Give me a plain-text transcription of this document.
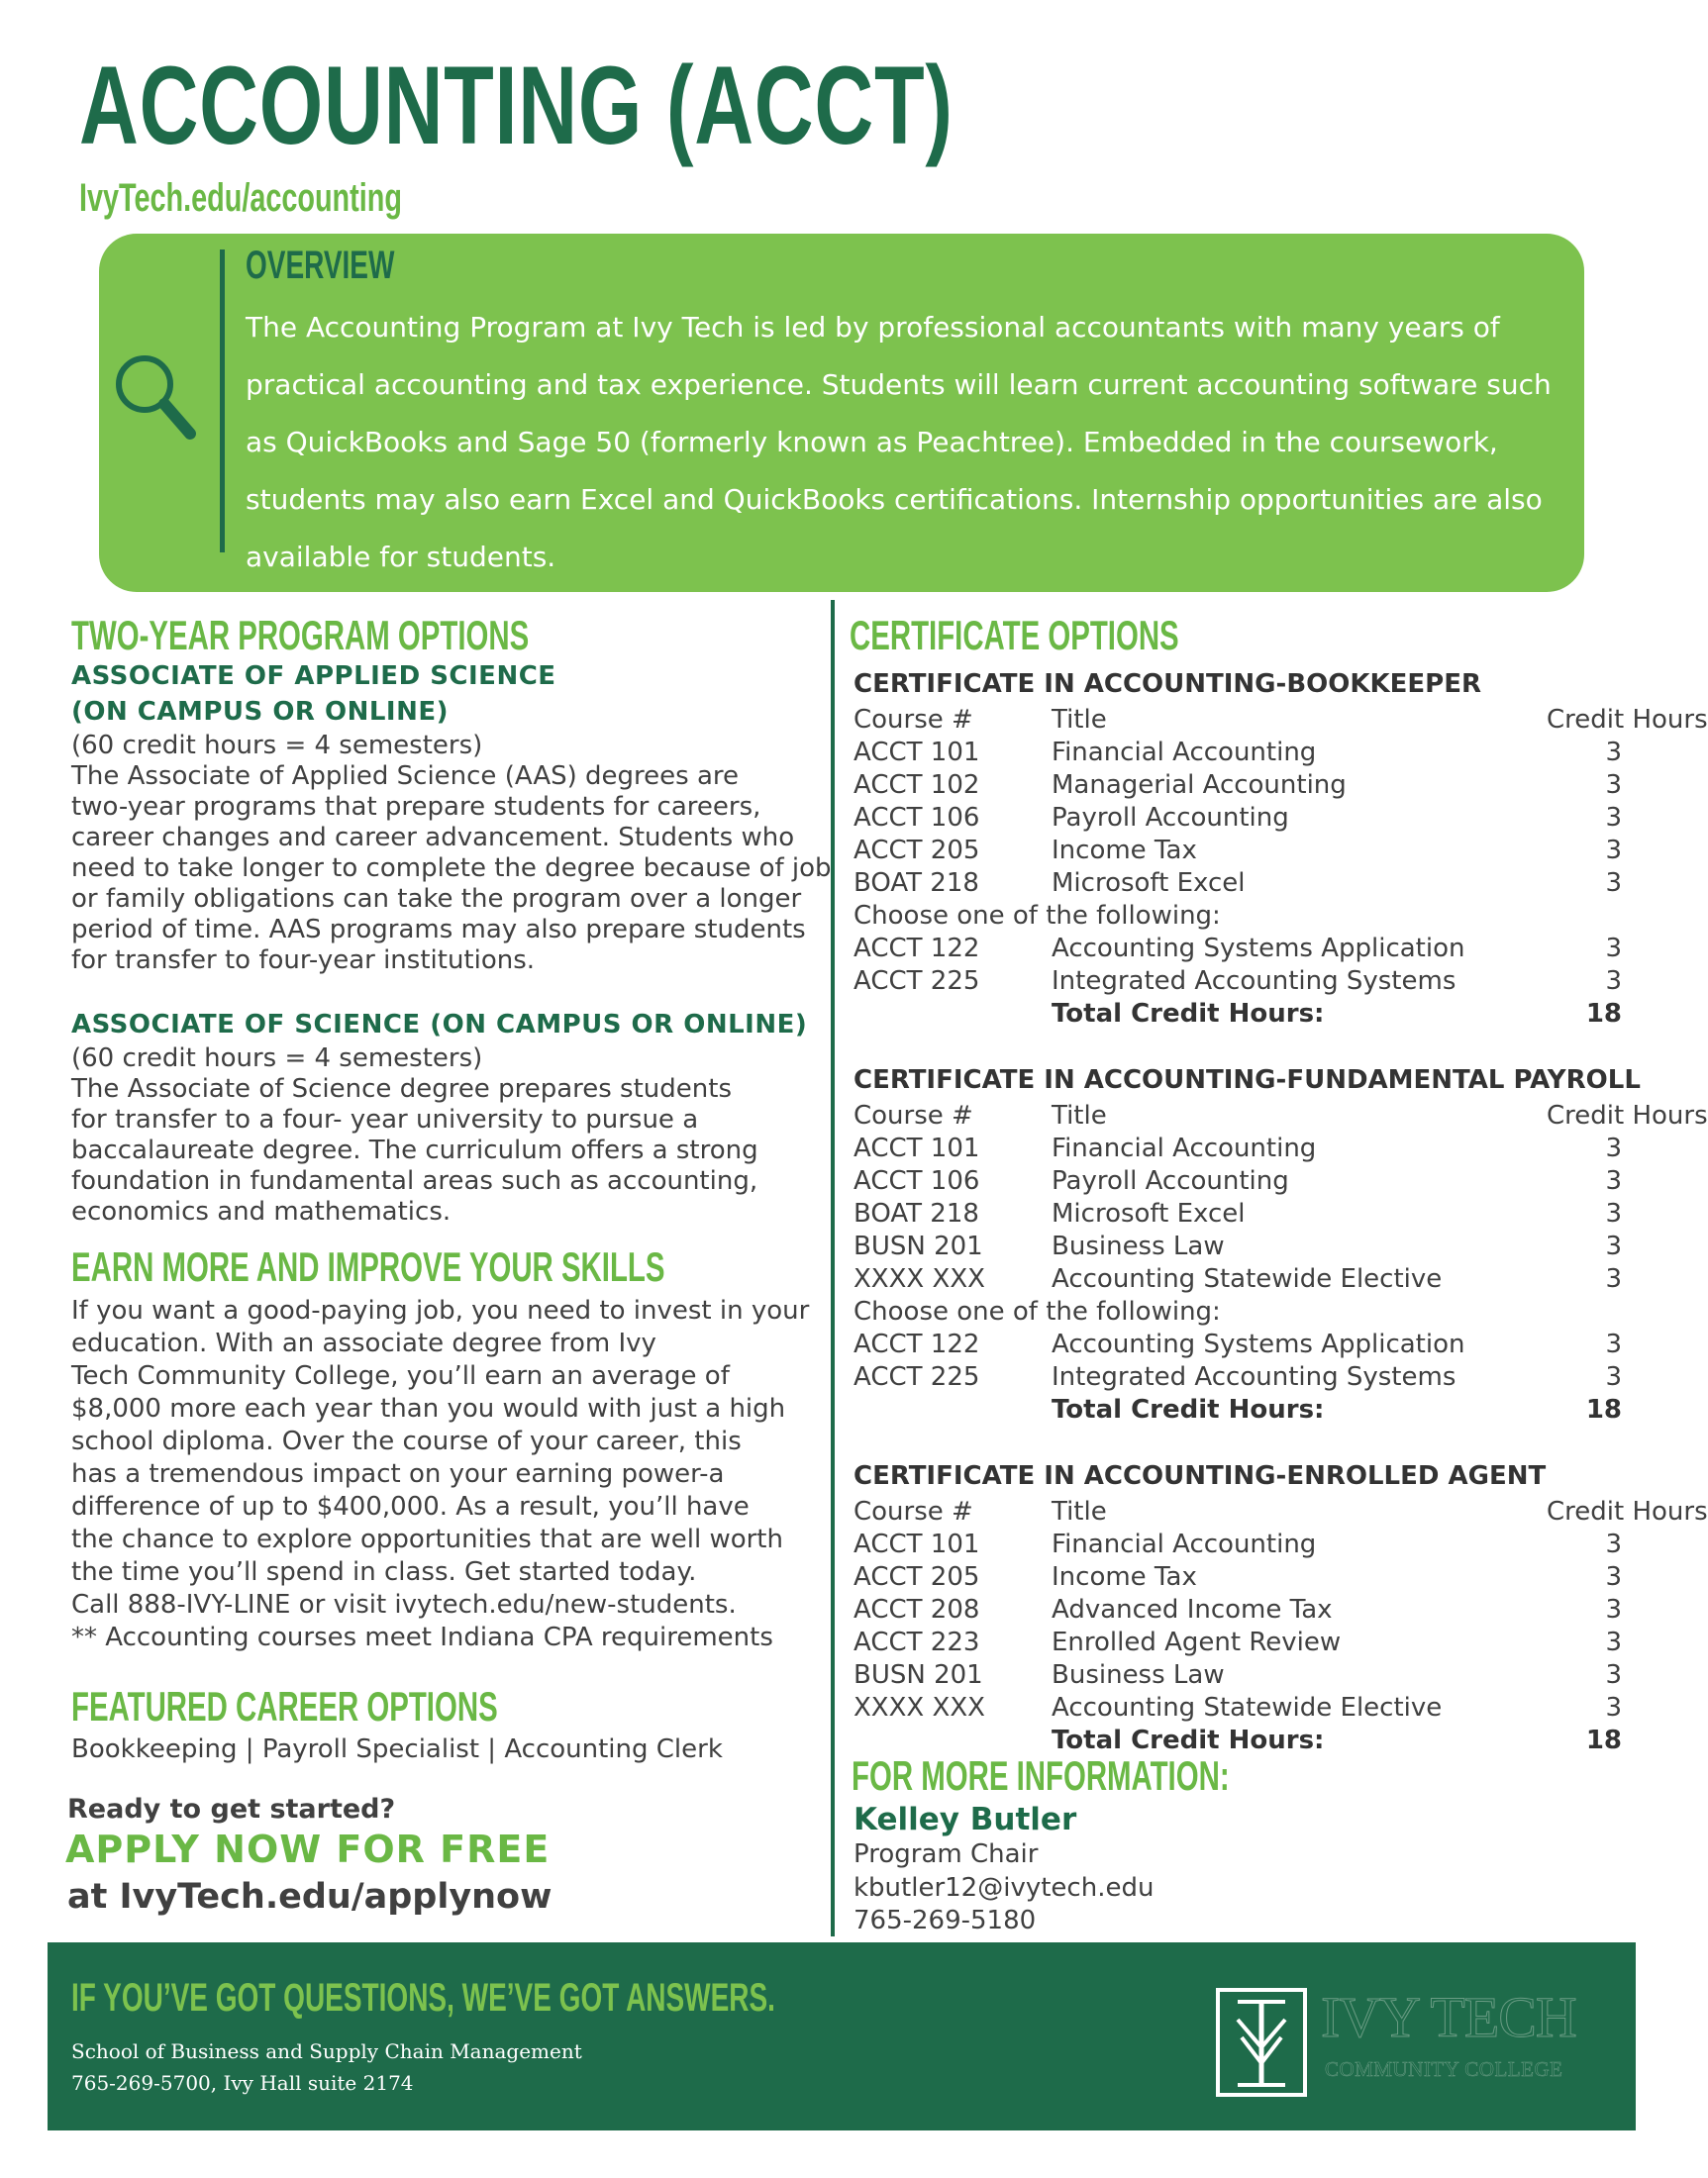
ACCOUNTING (ACCT)
IvyTech.edu/accounting
OVERVIEW
The Accounting Program at Ivy Tech is led by professional accountants with many years of practical accounting and tax experience. Students will learn current accounting software such as QuickBooks and Sage 50 (formerly known as Peachtree). Embedded in the coursework, students may also earn Excel and QuickBooks certifications. Internship opportunities are also available for students.
TWO-YEAR PROGRAM OPTIONS
ASSOCIATE OF APPLIED SCIENCE
(ON CAMPUS OR ONLINE)
(60 credit hours = 4 semesters)
The Associate of Applied Science (AAS) degrees are
two-year programs that prepare students for careers,
career changes and career advancement. Students who
need to take longer to complete the degree because of job
or family obligations can take the program over a longer
period of time. AAS programs may also prepare students
for transfer to four-year institutions.
ASSOCIATE OF SCIENCE (ON CAMPUS OR ONLINE)
(60 credit hours = 4 semesters)
The Associate of Science degree prepares students
for transfer to a four- year university to pursue a
baccalaureate degree. The curriculum offers a strong
foundation in fundamental areas such as accounting,
economics and mathematics.
EARN MORE AND IMPROVE YOUR SKILLS
If you want a good-paying job, you need to invest in your
education. With an associate degree from Ivy
Tech Community College, you’ll earn an average of
$8,000 more each year than you would with just a high
school diploma. Over the course of your career, this
has a tremendous impact on your earning power-a
difference of up to $400,000. As a result, you’ll have
the chance to explore opportunities that are well worth
the time you’ll spend in class. Get started today.
Call 888-IVY-LINE or visit ivytech.edu/new-students.
** Accounting courses meet Indiana CPA requirements
FEATURED CAREER OPTIONS
Bookkeeping | Payroll Specialist | Accounting Clerk
Ready to get started?
APPLY NOW FOR FREE
at IvyTech.edu/applynow
CERTIFICATE OPTIONS
CERTIFICATE IN ACCOUNTING-BOOKKEEPER
Course #	Title	Credit Hours
ACCT 101	Financial Accounting	3
ACCT 102	Managerial Accounting	3
ACCT 106	Payroll Accounting	3
ACCT 205	Income Tax	3
BOAT 218	Microsoft Excel	3
Choose one of the following:
ACCT 122	Accounting Systems Application	3
ACCT 225	Integrated Accounting Systems	3
Total Credit Hours:	18
CERTIFICATE IN ACCOUNTING-FUNDAMENTAL PAYROLL
Course #	Title	Credit Hours
ACCT 101	Financial Accounting	3
ACCT 106	Payroll Accounting	3
BOAT 218	Microsoft Excel	3
BUSN 201	Business Law	3
XXXX XXX	Accounting Statewide Elective	3
Choose one of the following:
ACCT 122	Accounting Systems Application	3
ACCT 225	Integrated Accounting Systems	3
Total Credit Hours:	18
CERTIFICATE IN ACCOUNTING-ENROLLED AGENT
Course #	Title	Credit Hours
ACCT 101	Financial Accounting	3
ACCT 205	Income Tax	3
ACCT 208	Advanced Income Tax	3
ACCT 223	Enrolled Agent Review	3
BUSN 201	Business Law	3
XXXX XXX	Accounting Statewide Elective	3
Total Credit Hours:	18
FOR MORE INFORMATION:
Kelley Butler
Program Chair
kbutler12@ivytech.edu
765-269-5180
IF YOU’VE GOT QUESTIONS, WE’VE GOT ANSWERS.
School of Business and Supply Chain Management
765-269-5700, Ivy Hall suite 2174
IVY TECH
COMMUNITY COLLEGE
